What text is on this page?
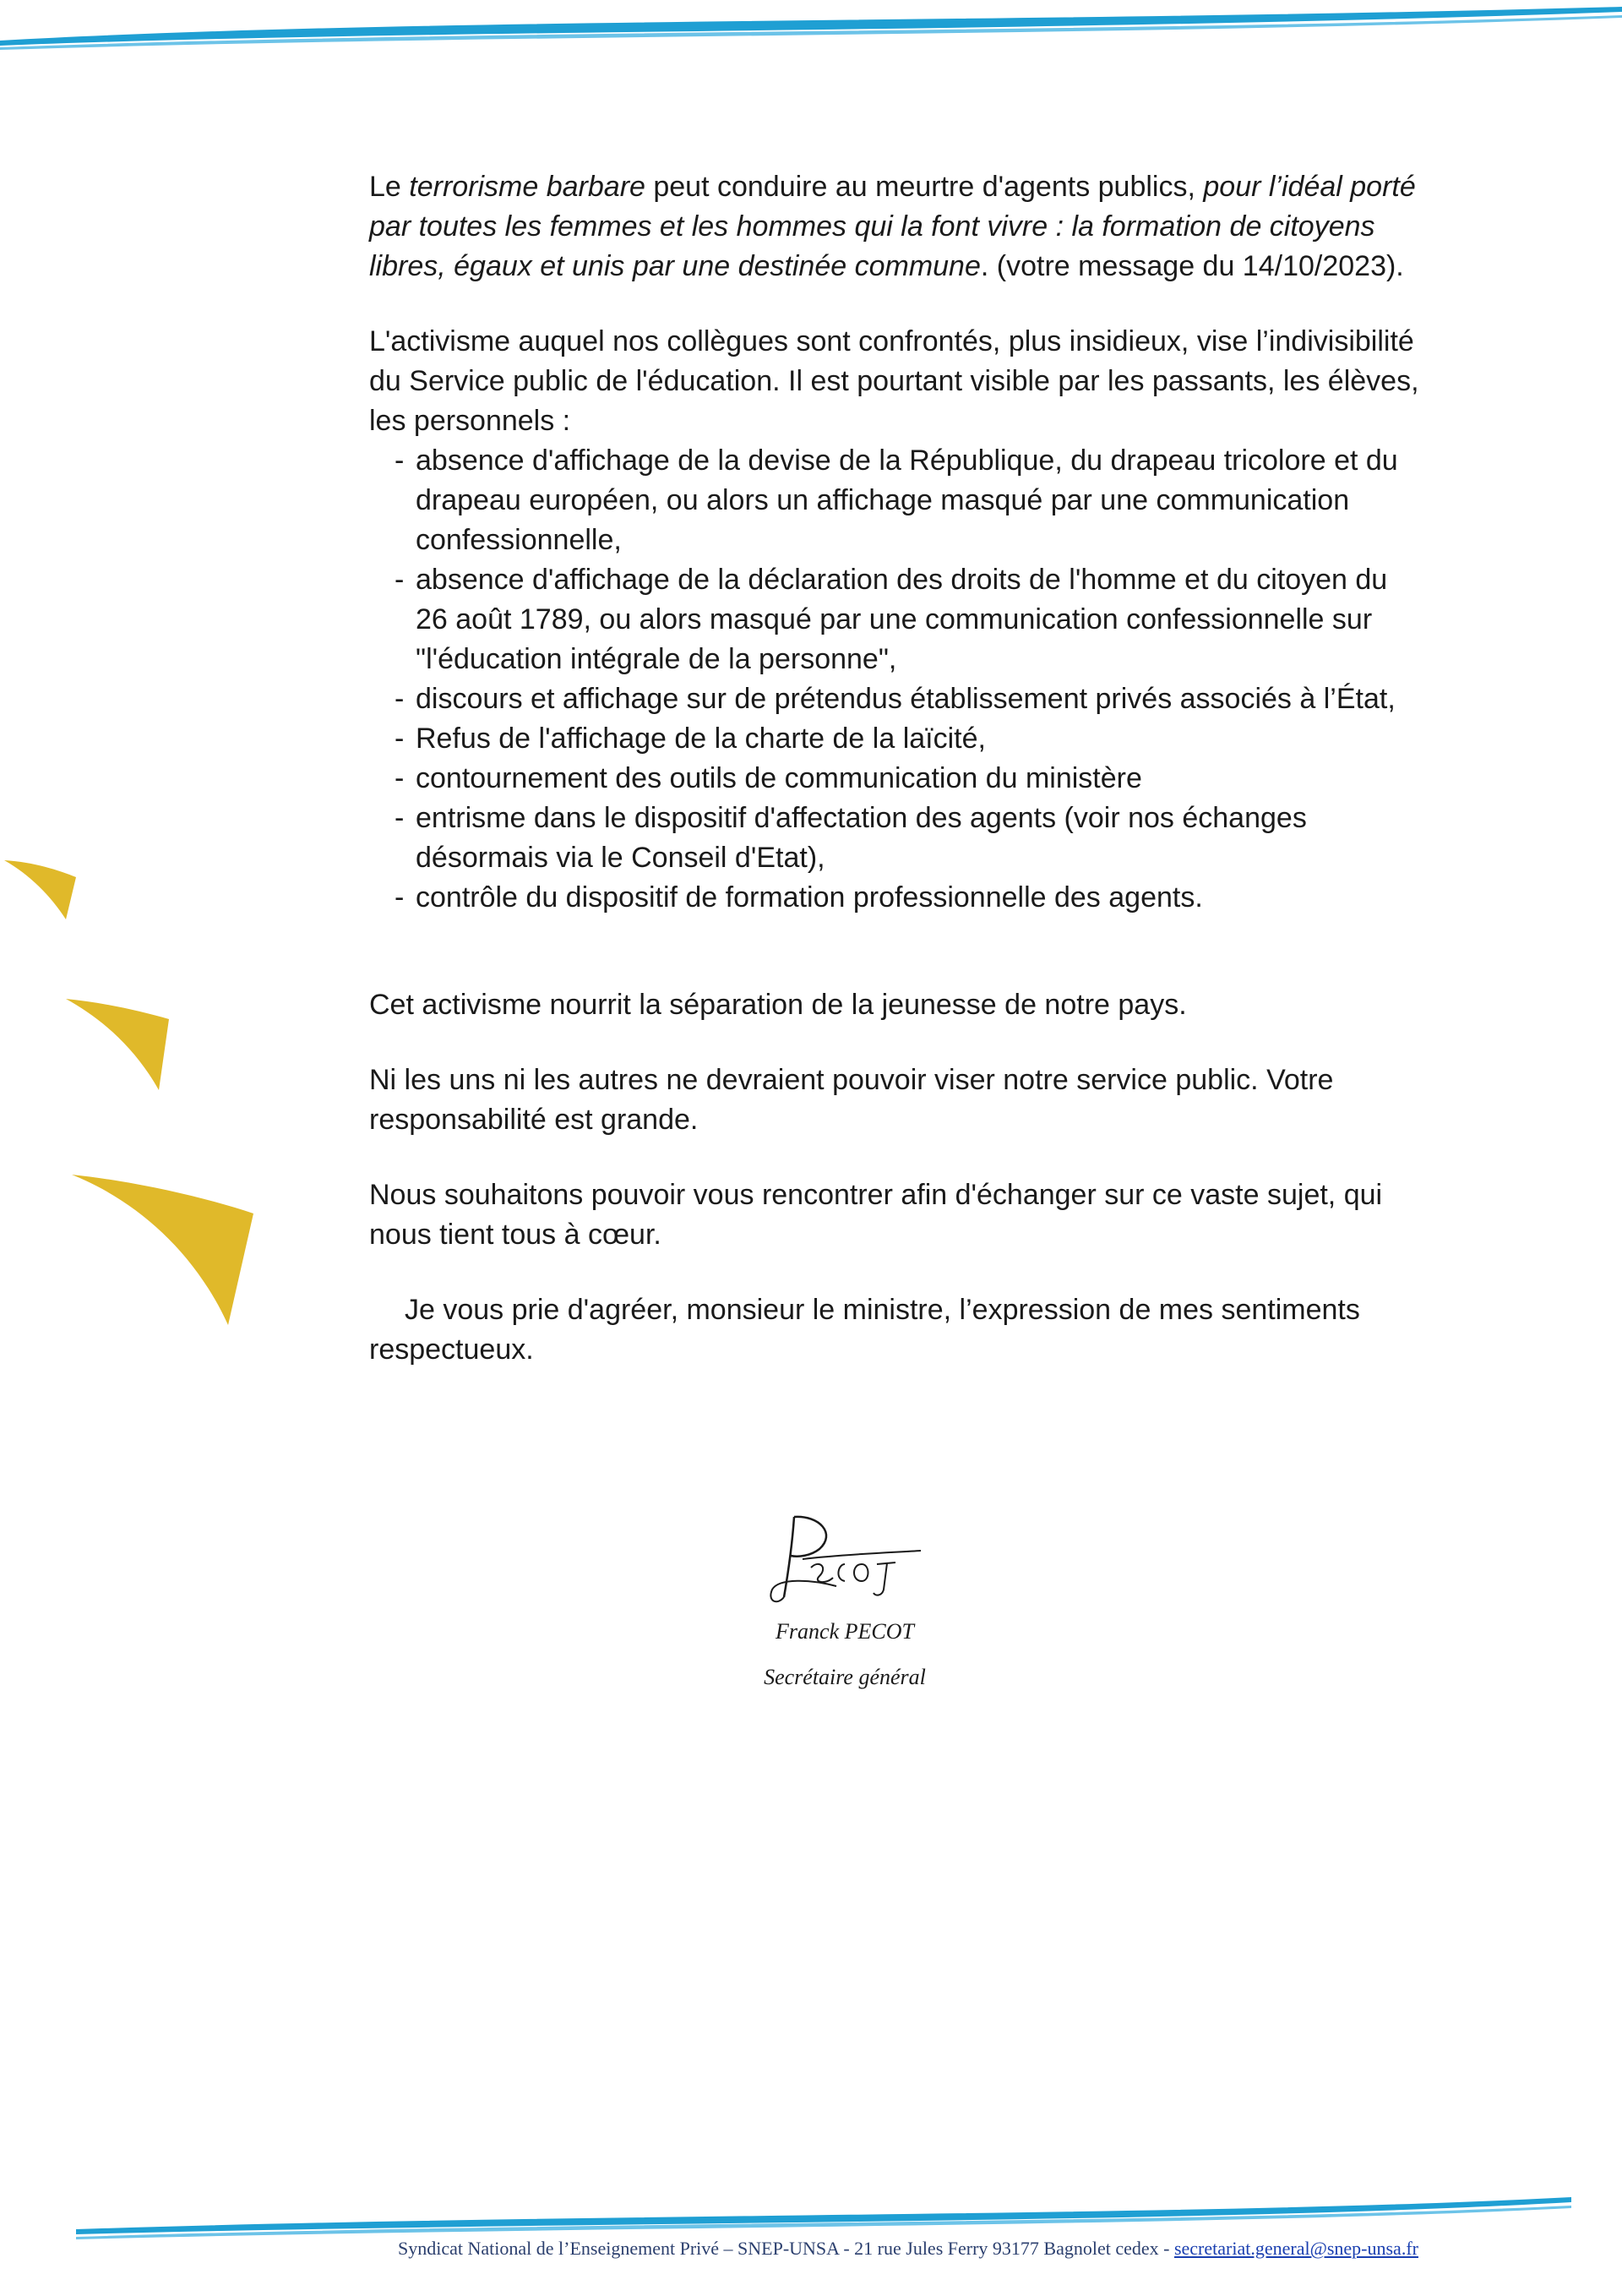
Le terrorisme barbare peut conduire au meurtre d'agents publics, pour l’idéal porté par toutes les femmes et les hommes qui la font vivre : la formation de citoyens libres, égaux et unis par une destinée commune. (votre message du 14/10/2023).

L'activisme auquel nos collègues sont confrontés, plus insidieux, vise l’indivisibilité du Service public de l'éducation. Il est pourtant visible par les passants, les élèves, les personnels :

- absence d'affichage de la devise de la République, du drapeau tricolore et du drapeau européen, ou alors un affichage masqué par une communication confessionnelle,
- absence d'affichage de la déclaration des droits de l'homme et du citoyen du 26 août 1789, ou alors masqué par une communication confessionnelle sur "l'éducation intégrale de la personne",
- discours et affichage sur de prétendus établissement privés associés à l’État,
- Refus de l'affichage de la charte de la laïcité,
- contournement des outils de communication du ministère
- entrisme dans le dispositif d'affectation des agents (voir nos échanges désormais via le Conseil d'Etat),
- contrôle du dispositif de formation professionnelle des agents.

Cet activisme nourrit la séparation de la jeunesse de notre pays.

Ni les uns ni les autres ne devraient pouvoir viser notre service public. Votre responsabilité est grande.

Nous souhaitons pouvoir vous rencontrer afin d'échanger sur ce vaste sujet, qui nous tient tous à cœur.

Je vous prie d'agréer, monsieur le ministre, l’expression de mes sentiments respectueux.

Franck PECOT
Secrétaire général
Syndicat National de l’Enseignement Privé – SNEP-UNSA - 21 rue Jules Ferry 93177 Bagnolet cedex - secretariat.general@snep-unsa.fr
